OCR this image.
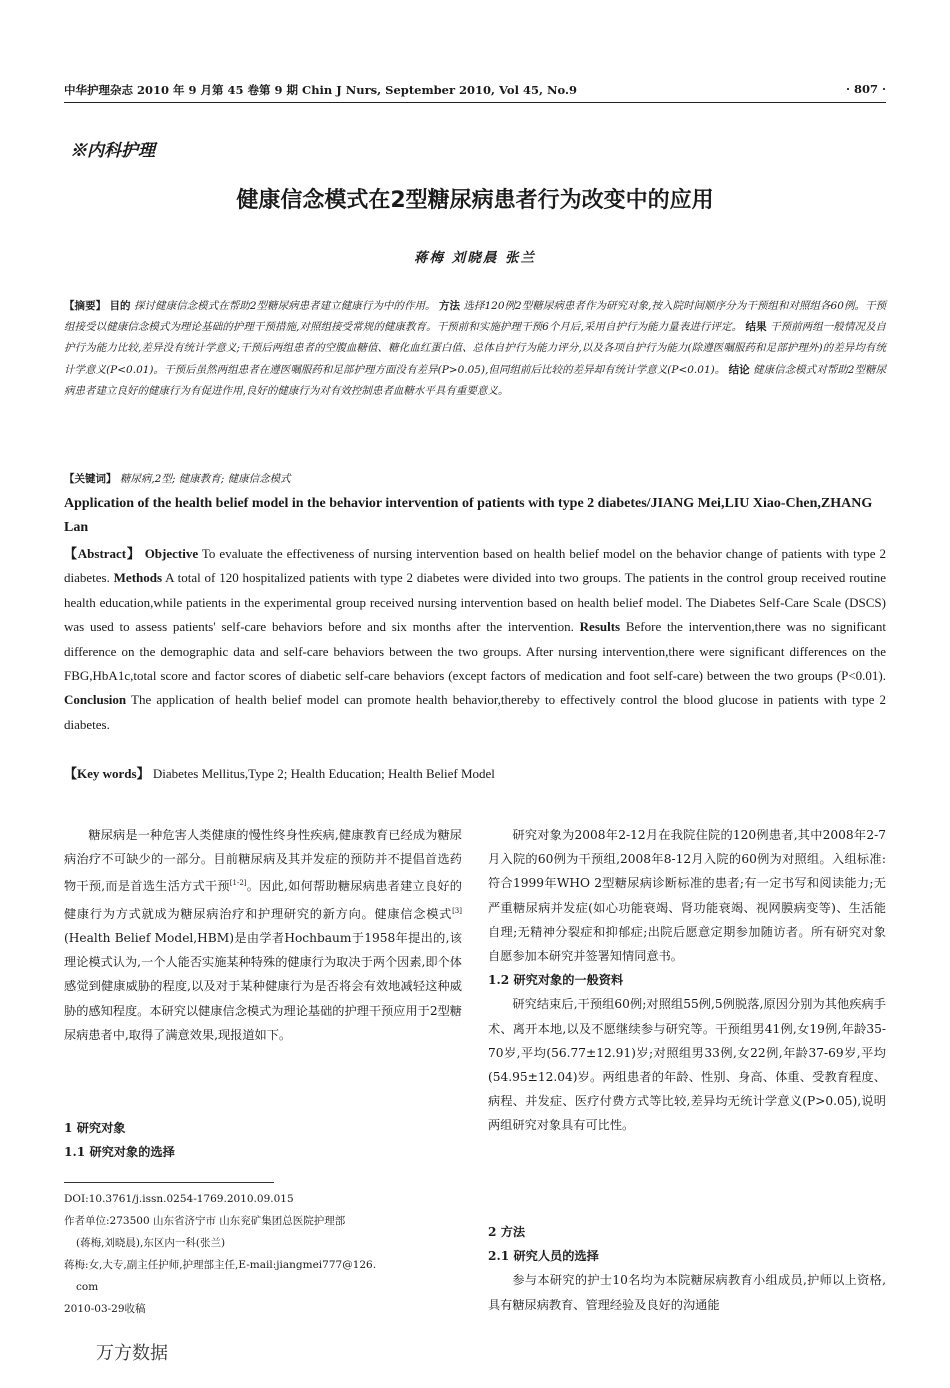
中华护理杂志 2010 年 9 月第 45 卷第 9 期 Chin J Nurs, September 2010, Vol 45, No.9	· 807 ·
※内科护理
健康信念模式在2型糖尿病患者行为改变中的应用
蒋梅 刘晓晨 张兰
【摘要】 目的 探讨健康信念模式在帮助2型糖尿病患者建立健康行为中的作用。 方法 选择120例2型糖尿病患者作为研究对象,按入院时间顺序分为干预组和对照组各60例。干预组接受以健康信念模式为理论基础的护理干预措施,对照组接受常规的健康教育。干预前和实施护理干预6个月后,采用自护行为能力量表进行评定。 结果 干预前两组一般情况及自护行为能力比较,差异没有统计学意义;干预后两组患者的空腹血糖值、糖化血红蛋白值、总体自护行为能力评分,以及各项自护行为能力(除遵医嘱服药和足部护理外)的差异均有统计学意义(P<0.01)。干预后虽然两组患者在遵医嘱服药和足部护理方面没有差异(P>0.05),但同组前后比较的差异却有统计学意义(P<0.01)。 结论 健康信念模式对帮助2型糖尿病患者建立良好的健康行为有促进作用,良好的健康行为对有效控制患者血糖水平具有重要意义。
【关键词】 糖尿病,2型; 健康教育; 健康信念模式
Application of the health belief model in the behavior intervention of patients with type 2 diabetes/JIANG Mei,LIU Xiao-Chen,ZHANG Lan
【Abstract】 Objective To evaluate the effectiveness of nursing intervention based on health belief model on the behavior change of patients with type 2 diabetes. Methods A total of 120 hospitalized patients with type 2 diabetes were divided into two groups. The patients in the control group received routine health education,while patients in the experimental group received nursing intervention based on health belief model. The Diabetes Self-Care Scale (DSCS) was used to assess patients' self-care behaviors before and six months after the intervention. Results Before the intervention,there was no significant difference on the demographic data and self-care behaviors between the two groups. After nursing intervention,there were significant differences on the FBG,HbA1c,total score and factor scores of diabetic self-care behaviors (except factors of medication and foot self-care) between the two groups (P<0.01). Conclusion The application of health belief model can promote health behavior,thereby to effectively control the blood glucose in patients with type 2 diabetes.
【Key words】 Diabetes Mellitus,Type 2; Health Education; Health Belief Model

糖尿病是一种危害人类健康的慢性终身性疾病,健康教育已经成为糖尿病治疗不可缺少的一部分。目前糖尿病及其并发症的预防并不提倡首选药物干预,而是首选生活方式干预[1-2]。因此,如何帮助糖尿病患者建立良好的健康行为方式就成为糖尿病治疗和护理研究的新方向。健康信念模式[3](Health Belief Model,HBM)是由学者Hochbaum于1958年提出的,该理论模式认为,一个人能否实施某种特殊的健康行为取决于两个因素,即个体感觉到健康威胁的程度,以及对于某种健康行为是否将会有效地减轻这种威胁的感知程度。本研究以健康信念模式为理论基础的护理干预应用于2型糖尿病患者中,取得了满意效果,现报道如下。

1 研究对象
1.1 研究对象的选择
DOI:10.3761/j.issn.0254-1769.2010.09.015
作者单位:273500 山东省济宁市 山东兖矿集团总医院护理部
(蒋梅,刘晓晨),东区内一科(张兰)
蒋梅:女,大专,副主任护师,护理部主任,E-mail:jiangmei777@126.
com
2010-03-29收稿

研究对象为2008年2-12月在我院住院的120例患者,其中2008年2-7月入院的60例为干预组,2008年8-12月入院的60例为对照组。入组标准:符合1999年WHO 2型糖尿病诊断标准的患者;有一定书写和阅读能力;无严重糖尿病并发症(如心功能衰竭、肾功能衰竭、视网膜病变等)、生活能自理;无精神分裂症和抑郁症;出院后愿意定期参加随访者。所有研究对象自愿参加本研究并签署知情同意书。

1.2 研究对象的一般资料

研究结束后,干预组60例;对照组55例,5例脱落,原因分别为其他疾病手术、离开本地,以及不愿继续参与研究等。干预组男41例,女19例,年龄35-70岁,平均(56.77±12.91)岁;对照组男33例,女22例,年龄37-69岁,平均(54.95±12.04)岁。两组患者的年龄、性别、身高、体重、受教育程度、病程、并发症、医疗付费方式等比较,差异均无统计学意义(P>0.05),说明两组研究对象具有可比性。

2 方法
2.1 研究人员的选择

参与本研究的护士10名均为本院糖尿病教育小组成员,护师以上资格,具有糖尿病教育、管理经验及良好的沟通能

万方数据
